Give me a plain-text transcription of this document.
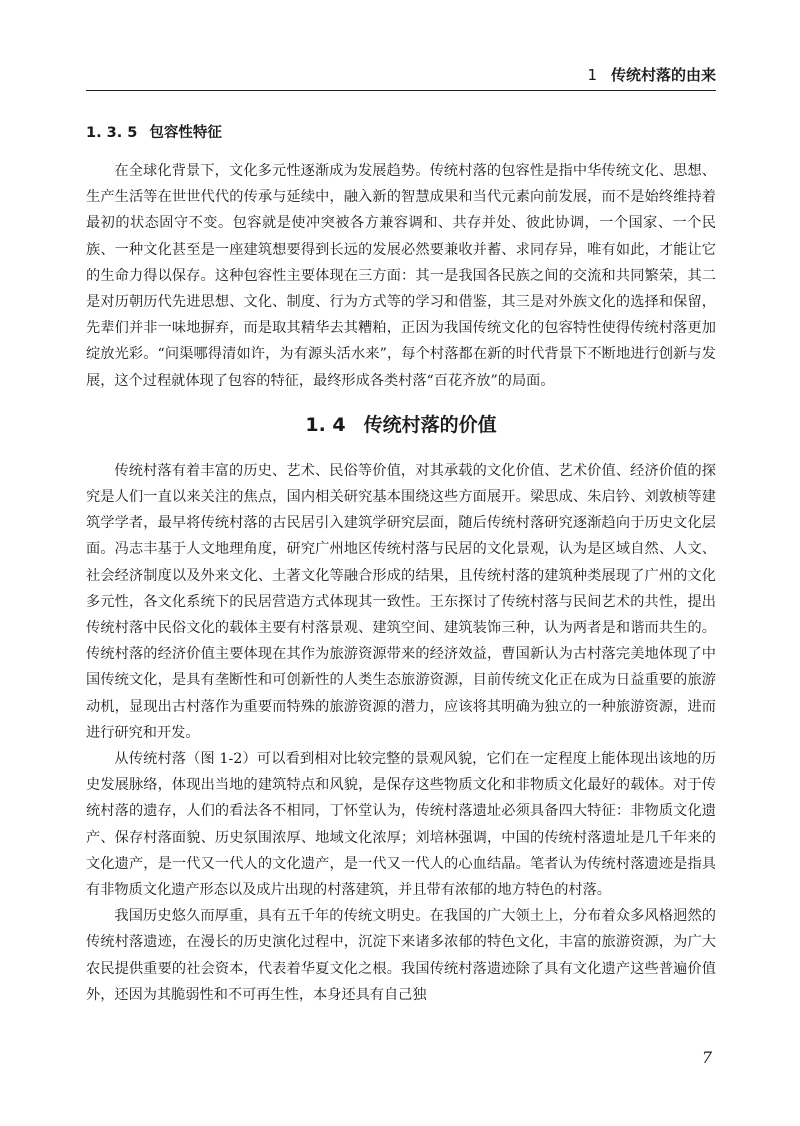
1 传统村落的由来
1. 3. 5 包容性特征

在全球化背景下，文化多元性逐渐成为发展趋势。传统村落的包容性是指中华传统文化、思想、生产生活等在世世代代的传承与延续中，融入新的智慧成果和当代元素向前发展，而不是始终维持着最初的状态固守不变。包容就是使冲突被各方兼容调和、共存并处、彼此协调，一个国家、一个民族、一种文化甚至是一座建筑想要得到长远的发展必然要兼收并蓄、求同存异，唯有如此，才能让它的生命力得以保存。这种包容性主要体现在三方面：其一是我国各民族之间的交流和共同繁荣，其二是对历朝历代先进思想、文化、制度、行为方式等的学习和借鉴，其三是对外族文化的选择和保留，先辈们并非一味地摒弃，而是取其精华去其糟粕，正因为我国传统文化的包容特性使得传统村落更加绽放光彩。“问渠哪得清如许，为有源头活水来”，每个村落都在新的时代背景下不断地进行创新与发展，这个过程就体现了包容的特征，最终形成各类村落“百花齐放”的局面。

1. 4 传统村落的价值

传统村落有着丰富的历史、艺术、民俗等价值，对其承载的文化价值、艺术价值、经济价值的探究是人们一直以来关注的焦点，国内相关研究基本围绕这些方面展开。梁思成、朱启钤、刘敦桢等建筑学学者，最早将传统村落的古民居引入建筑学研究层面，随后传统村落研究逐渐趋向于历史文化层面。冯志丰基于人文地理角度，研究广州地区传统村落与民居的文化景观，认为是区域自然、人文、社会经济制度以及外来文化、土著文化等融合形成的结果，且传统村落的建筑种类展现了广州的文化多元性，各文化系统下的民居营造方式体现其一致性。王东探讨了传统村落与民间艺术的共性，提出传统村落中民俗文化的载体主要有村落景观、建筑空间、建筑装饰三种，认为两者是和谐而共生的。传统村落的经济价值主要体现在其作为旅游资源带来的经济效益，曹国新认为古村落完美地体现了中国传统文化，是具有垄断性和可创新性的人类生态旅游资源，目前传统文化正在成为日益重要的旅游动机，显现出古村落作为重要而特殊的旅游资源的潜力，应该将其明确为独立的一种旅游资源，进而进行研究和开发。

从传统村落（图 1-2）可以看到相对比较完整的景观风貌，它们在一定程度上能体现出该地的历史发展脉络，体现出当地的建筑特点和风貌，是保存这些物质文化和非物质文化最好的载体。对于传统村落的遗存，人们的看法各不相同，丁怀堂认为，传统村落遗址必须具备四大特征：非物质文化遗产、保存村落面貌、历史氛围浓厚、地域文化浓厚；刘培林强调，中国的传统村落遗址是几千年来的文化遗产，是一代又一代人的文化遗产，是一代又一代人的心血结晶。笔者认为传统村落遗迹是指具有非物质文化遗产形态以及成片出现的村落建筑，并且带有浓郁的地方特色的村落。

我国历史悠久而厚重，具有五千年的传统文明史。在我国的广大领土上，分布着众多风格迥然的传统村落遗迹，在漫长的历史演化过程中，沉淀下来诸多浓郁的特色文化，丰富的旅游资源，为广大农民提供重要的社会资本，代表着华夏文化之根。我国传统村落遗迹除了具有文化遗产这些普遍价值外，还因为其脆弱性和不可再生性，本身还具有自己独

7
